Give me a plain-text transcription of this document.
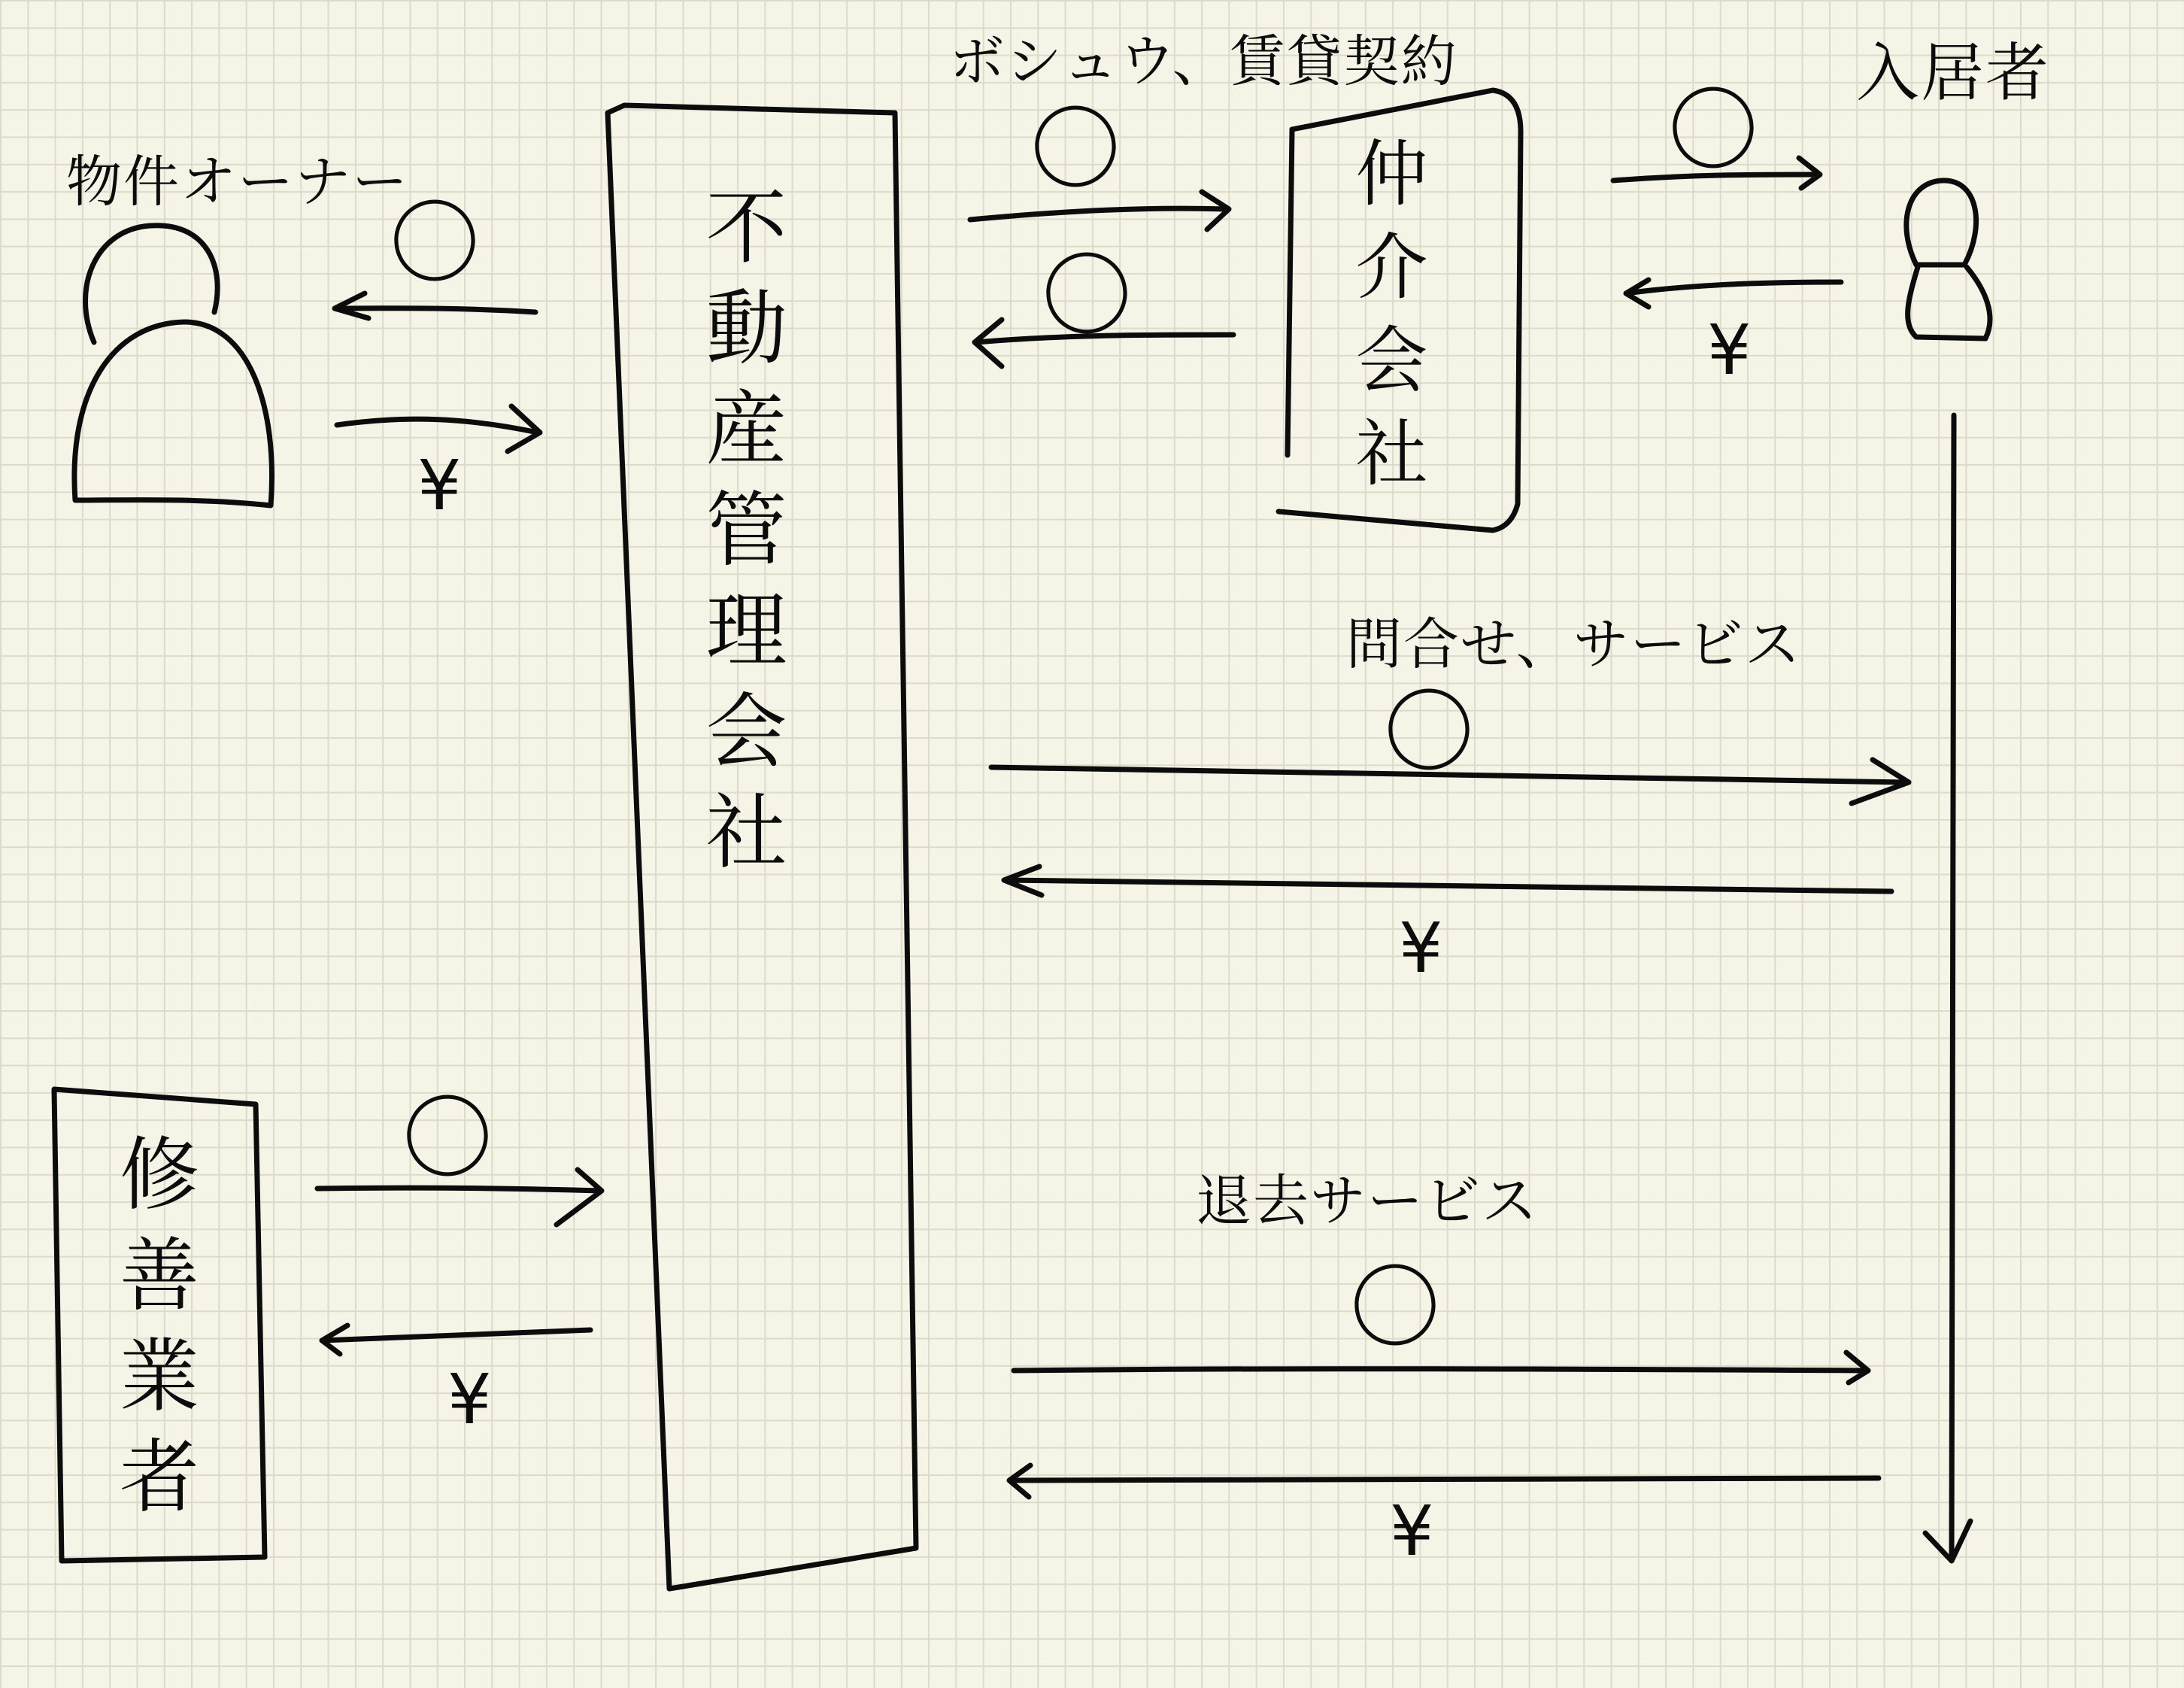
物件オーナー
入居者
不動産管理会社	仲介会社
修善業者
ボシュウ、賃貸契約
問合せ、サービス
退去サービス
〇
〇
〇
〇
〇
〇
〇
¥
¥
¥
¥
¥
